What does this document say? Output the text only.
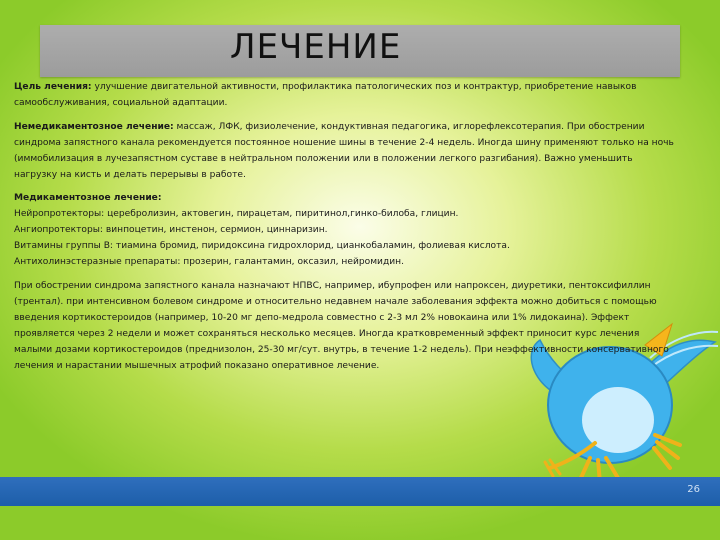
ЛЕЧЕНИЕ

Цель лечения: улучшение двигательной активности, профилактика патологических поз и контрактур, приобретение навыков самообслуживания, социальной адаптации.

Немедикаментозное лечение: массаж, ЛФК, физиолечение, кондуктивная педагогика, иглорефлексотерапия. При обострении синдрома запястного канала рекомендуется постоянное ношение шины в течение 2-4 недель. Иногда шину применяют только на ночь (иммобилизация в лучезапястном суставе в нейтральном положении или в положении легкого разгибания). Важно уменьшить нагрузку на кисть и делать перерывы в работе.

Медикаментозное лечение:
Нейропротекторы: церебролизин, актовегин, пирацетам, пиритинол,гинко-билоба, глицин.
Ангиопротекторы: винпоцетин, инстенон, сермион, циннаризин.
Витамины группы В: тиамина бромид, пиридоксина гидрохлорид, цианкобаламин, фолиевая кислота.
Антихолинэстеразные препараты: прозерин, галантамин, оксазил, нейромидин.

При обострении синдрома запястного канала назначают НПВС, например, ибупрофен или напроксен, диуретики, пентоксифиллин (трентал). при интенсивном болевом синдроме и относительно недавнем начале заболевания эффекта можно добиться с помощью введения кортикостероидов (например, 10-20 мг депо-медрола совместно с 2-3 мл 2% новокаина или 1% лидокаина). Эффект проявляется через 2 недели и может сохраняться несколько месяцев. Иногда кратковременный эффект приносит курс лечения малыми дозами кортикостероидов (преднизолон, 25-30 мг/сут. внутрь, в течение 1-2 недель). При неэффективности консервативного лечения и нарастании мышечных атрофий показано оперативное лечение.

26
